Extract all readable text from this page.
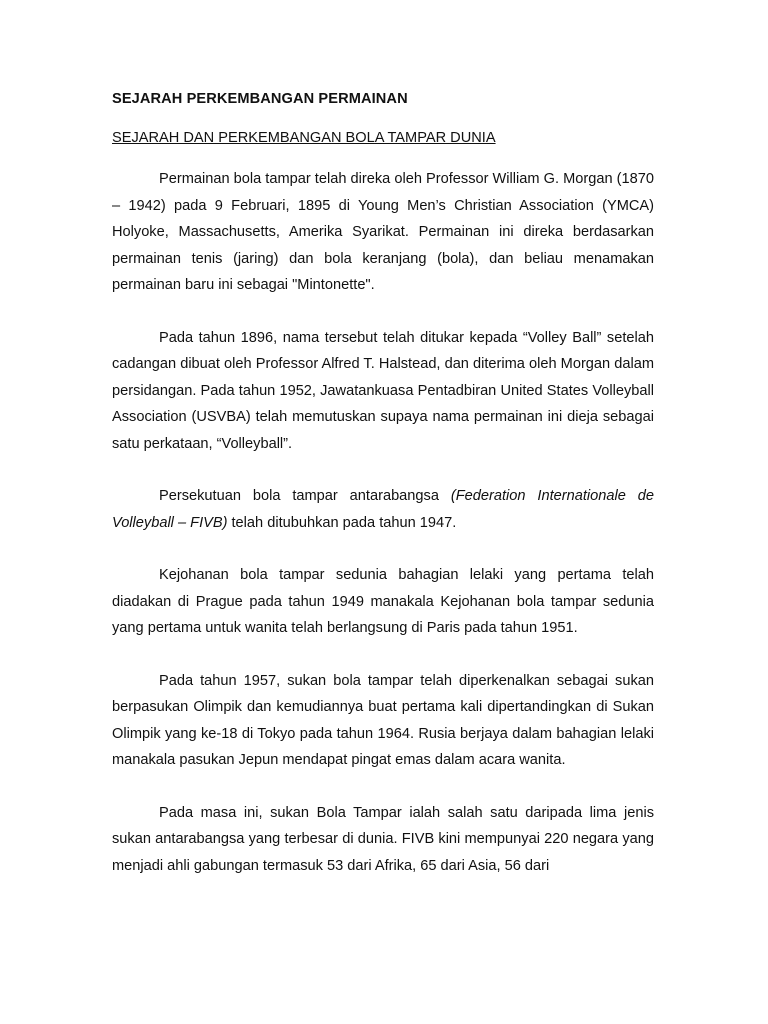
SEJARAH PERKEMBANGAN PERMAINAN
SEJARAH DAN PERKEMBANGAN BOLA TAMPAR DUNIA

Permainan bola tampar telah direka oleh Professor William G. Morgan (1870 – 1942) pada 9 Februari, 1895 di Young Men’s Christian Association (YMCA) Holyoke, Massachusetts, Amerika Syarikat. Permainan ini direka berdasarkan permainan tenis (jaring) dan bola keranjang (bola), dan beliau menamakan permainan baru ini sebagai "Mintonette".

Pada tahun 1896, nama tersebut telah ditukar kepada “Volley Ball” setelah cadangan dibuat oleh Professor Alfred T. Halstead, dan diterima oleh Morgan dalam persidangan. Pada tahun 1952, Jawatankuasa Pentadbiran United States Volleyball Association (USVBA) telah memutuskan supaya nama permainan ini dieja sebagai satu perkataan, “Volleyball”.

Persekutuan bola tampar antarabangsa (Federation Internationale de Volleyball – FIVB) telah ditubuhkan pada tahun 1947.

Kejohanan bola tampar sedunia bahagian lelaki yang pertama telah diadakan di Prague pada tahun 1949 manakala Kejohanan bola tampar sedunia yang pertama untuk wanita telah berlangsung di Paris pada tahun 1951.

Pada tahun 1957, sukan bola tampar telah diperkenalkan sebagai sukan berpasukan Olimpik dan kemudiannya buat pertama kali dipertandingkan di Sukan Olimpik yang ke-18 di Tokyo pada tahun 1964. Rusia berjaya dalam bahagian lelaki manakala pasukan Jepun mendapat pingat emas dalam acara wanita.

Pada masa ini, sukan Bola Tampar ialah salah satu daripada lima jenis sukan antarabangsa yang terbesar di dunia. FIVB kini mempunyai 220 negara yang menjadi ahli gabungan termasuk 53 dari Afrika, 65 dari Asia, 56 dari
